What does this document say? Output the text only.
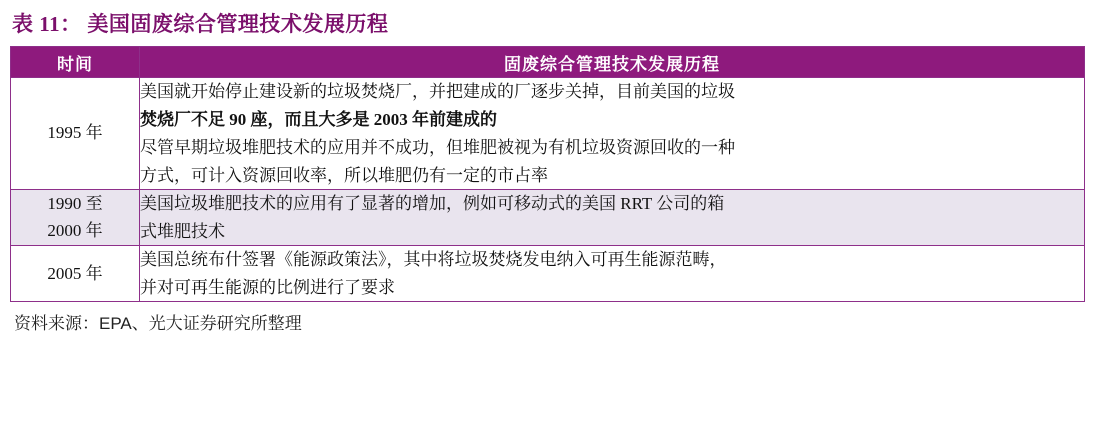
表 11： 美国固废综合管理技术发展历程
时间	固废综合管理技术发展历程
1995 年	美国就开始停止建设新的垃圾焚烧厂，并把建成的厂逐步关掉，目前美国的垃圾
焚烧厂不足 90 座，而且大多是 2003 年前建成的

尽管早期垃圾堆肥技术的应用并不成功，但堆肥被视为有机垃圾资源回收的一种
方式，可计入资源回收率，所以堆肥仍有一定的市占率

1990 至
2000 年	美国垃圾堆肥技术的应用有了显著的增加，例如可移动式的美国 RRT 公司的箱
式堆肥技术

2005 年	美国总统布什签署《能源政策法》，其中将垃圾焚烧发电纳入可再生能源范畴，
并对可再生能源的比例进行了要求

资料来源：EPA、光大证券研究所整理
